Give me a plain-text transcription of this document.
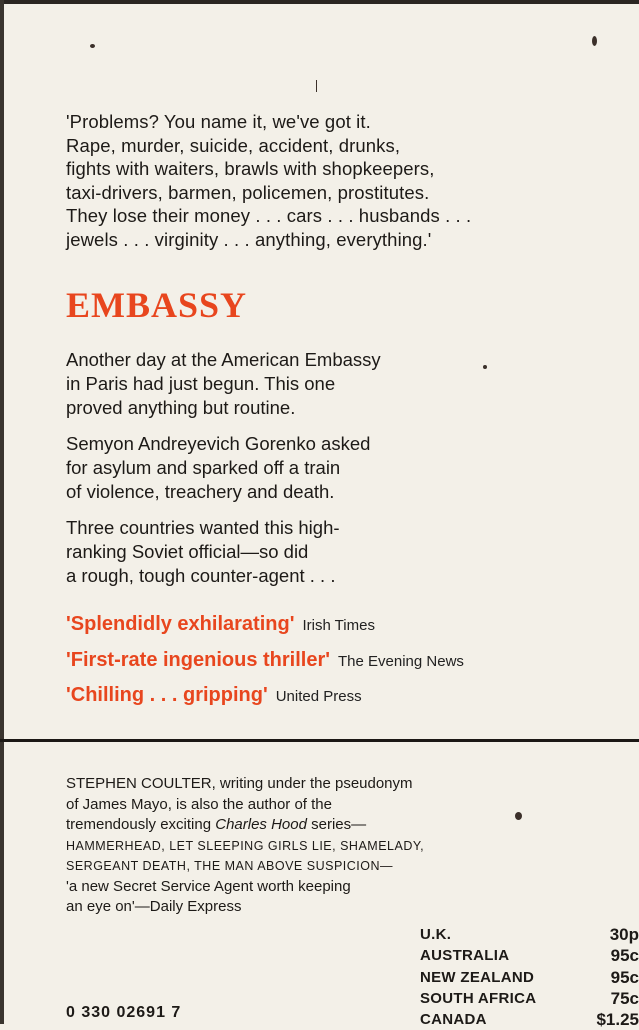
'Problems? You name it, we've got it.
Rape, murder, suicide, accident, drunks,
fights with waiters, brawls with shopkeepers,
taxi-drivers, barmen, policemen, prostitutes.
They lose their money . . . cars . . . husbands . . .
jewels . . . virginity . . . anything, everything.'
EMBASSY
Another day at the American Embassy
in Paris had just begun. This one
proved anything but routine.
Semyon Andreyevich Gorenko asked
for asylum and sparked off a train
of violence, treachery and death.
Three countries wanted this high-
ranking Soviet official—so did
a rough, tough counter-agent . . .
'Splendidly exhilarating' Irish Times
'First-rate ingenious thriller' The Evening News
'Chilling . . . gripping' United Press
STEPHEN COULTER, writing under the pseudonym
of James Mayo, is also the author of the
tremendously exciting Charles Hood series—
HAMMERHEAD, LET SLEEPING GIRLS LIE, SHAMELADY,
SERGEANT DEATH, THE MAN ABOVE SUSPICION—
'a new Secret Service Agent worth keeping
an eye on'—Daily Express
U.K.	30p
AUSTRALIA	95c
NEW ZEALAND	95c
SOUTH AFRICA	75c
CANADA	$1.25
0 330 02691 7
